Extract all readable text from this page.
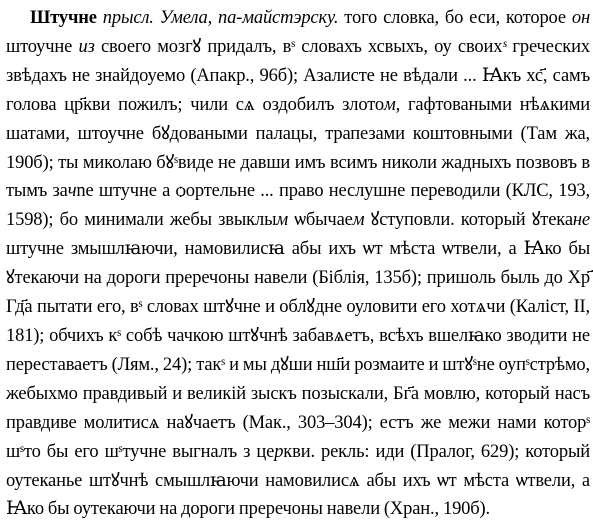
Штучне прысл. Умела, па-майстэрску. того словка, бо еси, которое он штоучне из своего мозгꙋ придалъ, вˢ словахъ хсвыхъ, оу своихˢ греческих звѣдахъ не знайдоуемо (Апакр., 96б); Азалисте не вѣдали ... Ꙗкъ хс҃, самъ голова цр҃кви пожилъ; чили сѧ оздобилъ злотом, гафтоваными нѣѧкими шатами, штоучне бꙋдоваными палацы, трапезами коштовными (Там жа, 190б); ты миколаю бꙋˢвиде не давши имъ всимъ николи жадныхъ позвовъ в тымъ зачne штучне а ѻортельне ... право неслушне переводили (КЛС, 193, 1598); бо минимали жебы звыклым ѡбычаем ꙋступовли. который ꙋтекане штучне змышлꙗючи, намовилисꙗ абы ихъ ѡт мѣста ѡтвели, а Ꙗко бы ꙋтекаючи на дороги преречоны навели (Біблія, 135б); пришоль быль до Хр҃ Гд҃а пытати его, вˢ словах штꙋчне и облꙋдне оуловити его хотѧчи (Каліст, II, 181); обчихъ кˢ собѣ чачкою штꙋчнѣ забавѧетъ, всѣхъ вшелꙗко зводити не переставаетъ (Лям., 24); такˢ и мы дꙋши нш҃и розмаите и штꙋˢне оупˢстрѣмо, жебыхмо правдивый и великій зыскъ позыскали, Бг҃а мовлю, который насъ правдиве молитисѧ наꙋчаетъ (Мак., 303–304); естъ же межи нами которˢ шˢто бы его шˢтучне выгналъ з церкви. рекль: иди (Пралог, 629); который оутеканье штꙋчнѣ смышлꙗючи намовилисѧ абы ихъ ѡт мѣста ѡтвели, а Ꙗко бы оутекаючи на дороги преречоны навели (Хран., 190б).
